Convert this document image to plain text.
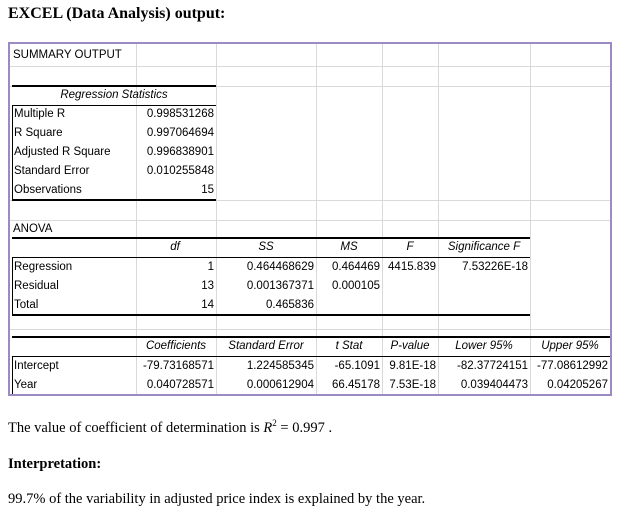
EXCEL (Data Analysis) output:
SUMMARY OUTPUT
Regression Statistics
Multiple R	0.998531268
R Square	0.997064694
Adjusted R Square	0.996838901
Standard Error	0.010255848
Observations	15
ANOVA
df	SS	MS	F	Significance F
Regression	1	0.464468629	0.464469 4415.839	7.53226E-18
Residual	13	0.001367371	0.000105
Total	14	0.465836
Coefficients	Standard Error	t Stat	P-value	Lower 95%	Upper 95%
Intercept	-79.73168571	1.224585345	-65.1091 9.81E-18	-82.37724151 -77.08612992
Year	0.040728571	0.000612904	66.45178 7.53E-18	0.039404473	0.04205267
The value of coefficient of determination is $R^2 = 0.997$ .
Interpretation:
99.7% of the variability in adjusted price index is explained by the year.
